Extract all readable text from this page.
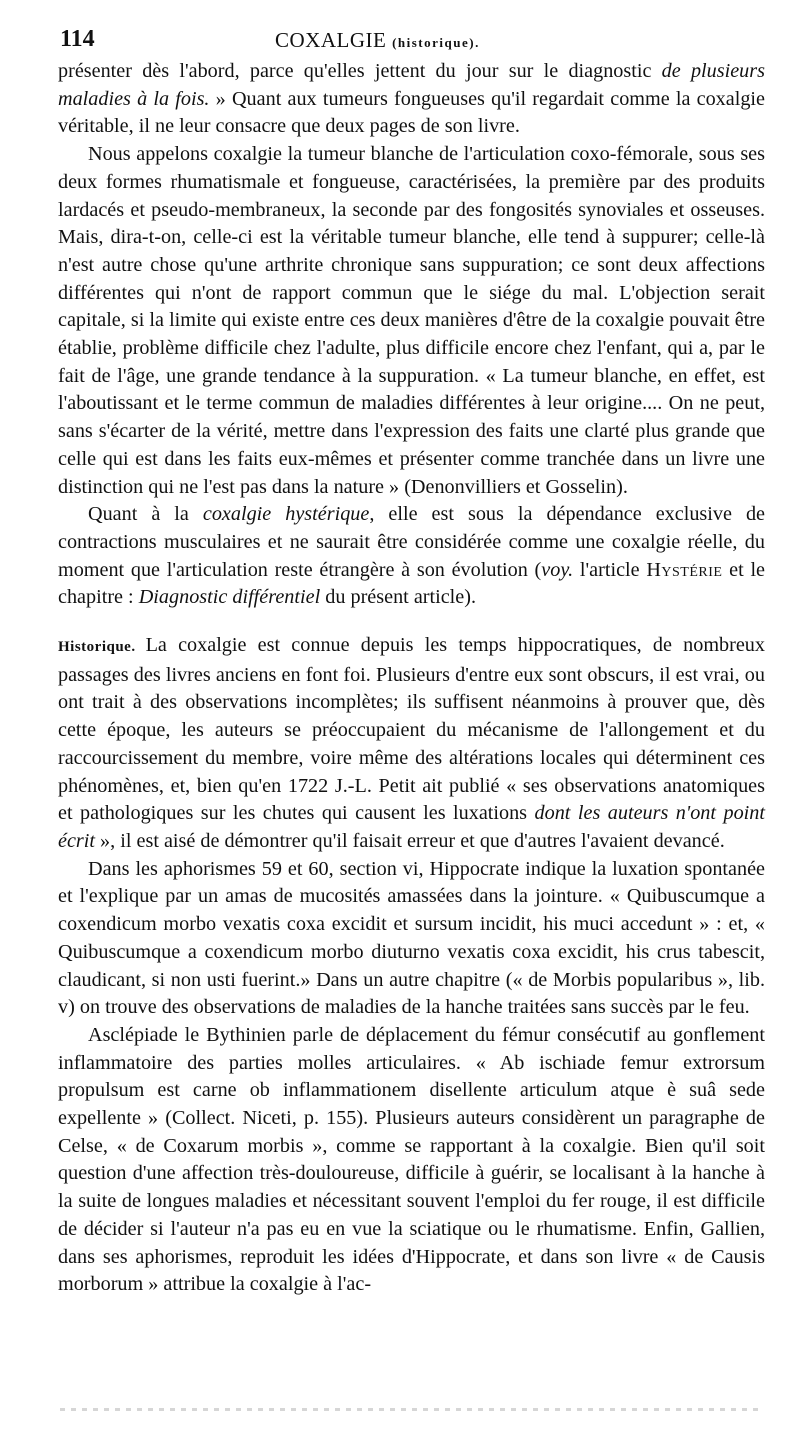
114	COXALGIE (historique).

présenter dès l'abord, parce qu'elles jettent du jour sur le diagnostic de plusieurs maladies à la fois. » Quant aux tumeurs fongueuses qu'il regardait comme la coxalgie véritable, il ne leur consacre que deux pages de son livre.

Nous appelons coxalgie la tumeur blanche de l'articulation coxo-fémorale, sous ses deux formes rhumatismale et fongueuse, caractérisées, la première par des produits lardacés et pseudo-membraneux, la seconde par des fongosités synoviales et osseuses. Mais, dira-t-on, celle-ci est la véritable tumeur blanche, elle tend à suppurer; celle-là n'est autre chose qu'une arthrite chronique sans suppuration; ce sont deux affections différentes qui n'ont de rapport commun que le siége du mal. L'objection serait capitale, si la limite qui existe entre ces deux manières d'être de la coxalgie pouvait être établie, problème difficile chez l'adulte, plus difficile encore chez l'enfant, qui a, par le fait de l'âge, une grande tendance à la suppuration. « La tumeur blanche, en effet, est l'aboutissant et le terme commun de maladies différentes à leur origine.... On ne peut, sans s'écarter de la vérité, mettre dans l'expression des faits une clarté plus grande que celle qui est dans les faits eux-mêmes et présenter comme tranchée dans un livre une distinction qui ne l'est pas dans la nature » (Denonvilliers et Gosselin).

Quant à la coxalgie hystérique, elle est sous la dépendance exclusive de contractions musculaires et ne saurait être considérée comme une coxalgie réelle, du moment que l'articulation reste étrangère à son évolution (voy. l'article Hystérie et le chapitre : Diagnostic différentiel du présent article).

Historique. La coxalgie est connue depuis les temps hippocratiques, de nombreux passages des livres anciens en font foi. Plusieurs d'entre eux sont obscurs, il est vrai, ou ont trait à des observations incomplètes; ils suffisent néanmoins à prouver que, dès cette époque, les auteurs se préoccupaient du mécanisme de l'allongement et du raccourcissement du membre, voire même des altérations locales qui déterminent ces phénomènes, et, bien qu'en 1722 J.-L. Petit ait publié « ses observations anatomiques et pathologiques sur les chutes qui causent les luxations dont les auteurs n'ont point écrit », il est aisé de démontrer qu'il faisait erreur et que d'autres l'avaient devancé.

Dans les aphorismes 59 et 60, section vi, Hippocrate indique la luxation spontanée et l'explique par un amas de mucosités amassées dans la jointure. « Quibuscumque a coxendicum morbo vexatis coxa excidit et sursum incidit, his muci accedunt » : et, « Quibuscumque a coxendicum morbo diuturno vexatis coxa excidit, his crus tabescit, claudicant, si non usti fuerint.» Dans un autre chapitre (« de Morbis popularibus », lib. v) on trouve des observations de maladies de la hanche traitées sans succès par le feu.

Asclépiade le Bythinien parle de déplacement du fémur consécutif au gonflement inflammatoire des parties molles articulaires. « Ab ischiade femur extrorsum propulsum est carne ob inflammationem disellente articulum atque è suâ sede expellente » (Collect. Niceti, p. 155). Plusieurs auteurs considèrent un paragraphe de Celse, « de Coxarum morbis », comme se rapportant à la coxalgie. Bien qu'il soit question d'une affection très-douloureuse, difficile à guérir, se localisant à la hanche à la suite de longues maladies et nécessitant souvent l'emploi du fer rouge, il est difficile de décider si l'auteur n'a pas eu en vue la sciatique ou le rhumatisme. Enfin, Gallien, dans ses aphorismes, reproduit les idées d'Hippocrate, et dans son livre « de Causis morborum » attribue la coxalgie à l'ac-
